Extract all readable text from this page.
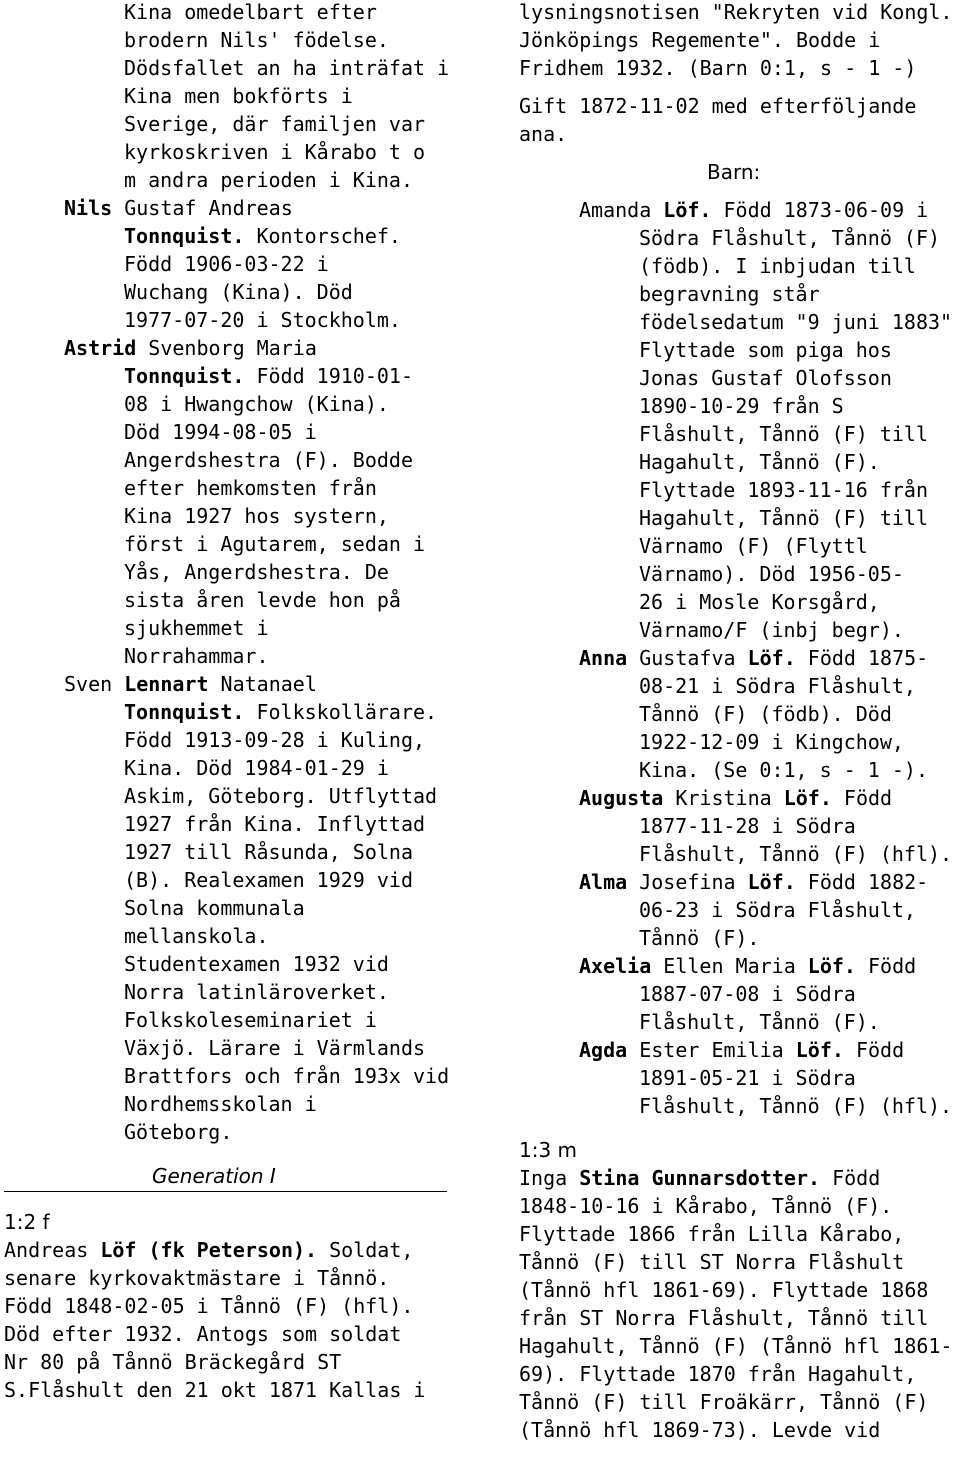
Kina omedelbart efter
brodern Nils' födelse.
Dödsfallet an ha inträfat i
Kina men bokförts i
Sverige, där familjen var
kyrkoskriven i Kårabo t o
m andra perioden i Kina.
Nils Gustaf Andreas
Tonnquist. Kontorschef.
Född 1906-03-22 i
Wuchang (Kina). Död
1977-07-20 i Stockholm.
Astrid Svenborg Maria
Tonnquist. Född 1910-01-
08 i Hwangchow (Kina).
Död 1994-08-05 i
Angerdshestra (F). Bodde
efter hemkomsten från
Kina 1927 hos systern,
först i Agutarem, sedan i
Yås, Angerdshestra. De
sista åren levde hon på
sjukhemmet i
Norrahammar.
Sven Lennart Natanael
Tonnquist. Folkskollärare.
Född 1913-09-28 i Kuling,
Kina. Död 1984-01-29 i
Askim, Göteborg. Utflyttad
1927 från Kina. Inflyttad
1927 till Råsunda, Solna
(B). Realexamen 1929 vid
Solna kommunala
mellanskola.
Studentexamen 1932 vid
Norra latinläroverket.
Folkskoleseminariet i
Växjö. Lärare i Värmlands
Brattfors och från 193x vid
Nordhemsskolan i
Göteborg.
Generation I
1:2 f
Andreas Löf (fk Peterson). Soldat,
senare kyrkovaktmästare i Tånnö.
Född 1848-02-05 i Tånnö (F) (hfl).
Död efter 1932. Antogs som soldat
Nr 80 på Tånnö Bräckegård ST
S.Flåshult den 21 okt 1871 Kallas i
lysningsnotisen "Rekryten vid Kongl.
Jönköpings Regemente". Bodde i
Fridhem 1932. (Barn 0:1, s - 1 -)
Gift 1872-11-02 med efterföljande
ana.
Barn:
Amanda Löf. Född 1873-06-09 i
Södra Flåshult, Tånnö (F)
(födb). I inbjudan till
begravning står
födelsedatum "9 juni 1883"
Flyttade som piga hos
Jonas Gustaf Olofsson
1890-10-29 från S
Flåshult, Tånnö (F) till
Hagahult, Tånnö (F).
Flyttade 1893-11-16 från
Hagahult, Tånnö (F) till
Värnamo (F) (Flyttl
Värnamo). Död 1956-05-
26 i Mosle Korsgård,
Värnamo/F (inbj begr).
Anna Gustafva Löf. Född 1875-
08-21 i Södra Flåshult,
Tånnö (F) (födb). Död
1922-12-09 i Kingchow,
Kina. (Se 0:1, s - 1 -).
Augusta Kristina Löf. Född
1877-11-28 i Södra
Flåshult, Tånnö (F) (hfl).
Alma Josefina Löf. Född 1882-
06-23 i Södra Flåshult,
Tånnö (F).
Axelia Ellen Maria Löf. Född
1887-07-08 i Södra
Flåshult, Tånnö (F).
Agda Ester Emilia Löf. Född
1891-05-21 i Södra
Flåshult, Tånnö (F) (hfl).
1:3 m
Inga Stina Gunnarsdotter. Född
1848-10-16 i Kårabo, Tånnö (F).
Flyttade 1866 från Lilla Kårabo,
Tånnö (F) till ST Norra Flåshult
(Tånnö hfl 1861-69). Flyttade 1868
från ST Norra Flåshult, Tånnö till
Hagahult, Tånnö (F) (Tånnö hfl 1861-
69). Flyttade 1870 från Hagahult,
Tånnö (F) till Froäkärr, Tånnö (F)
(Tånnö hfl 1869-73). Levde vid
